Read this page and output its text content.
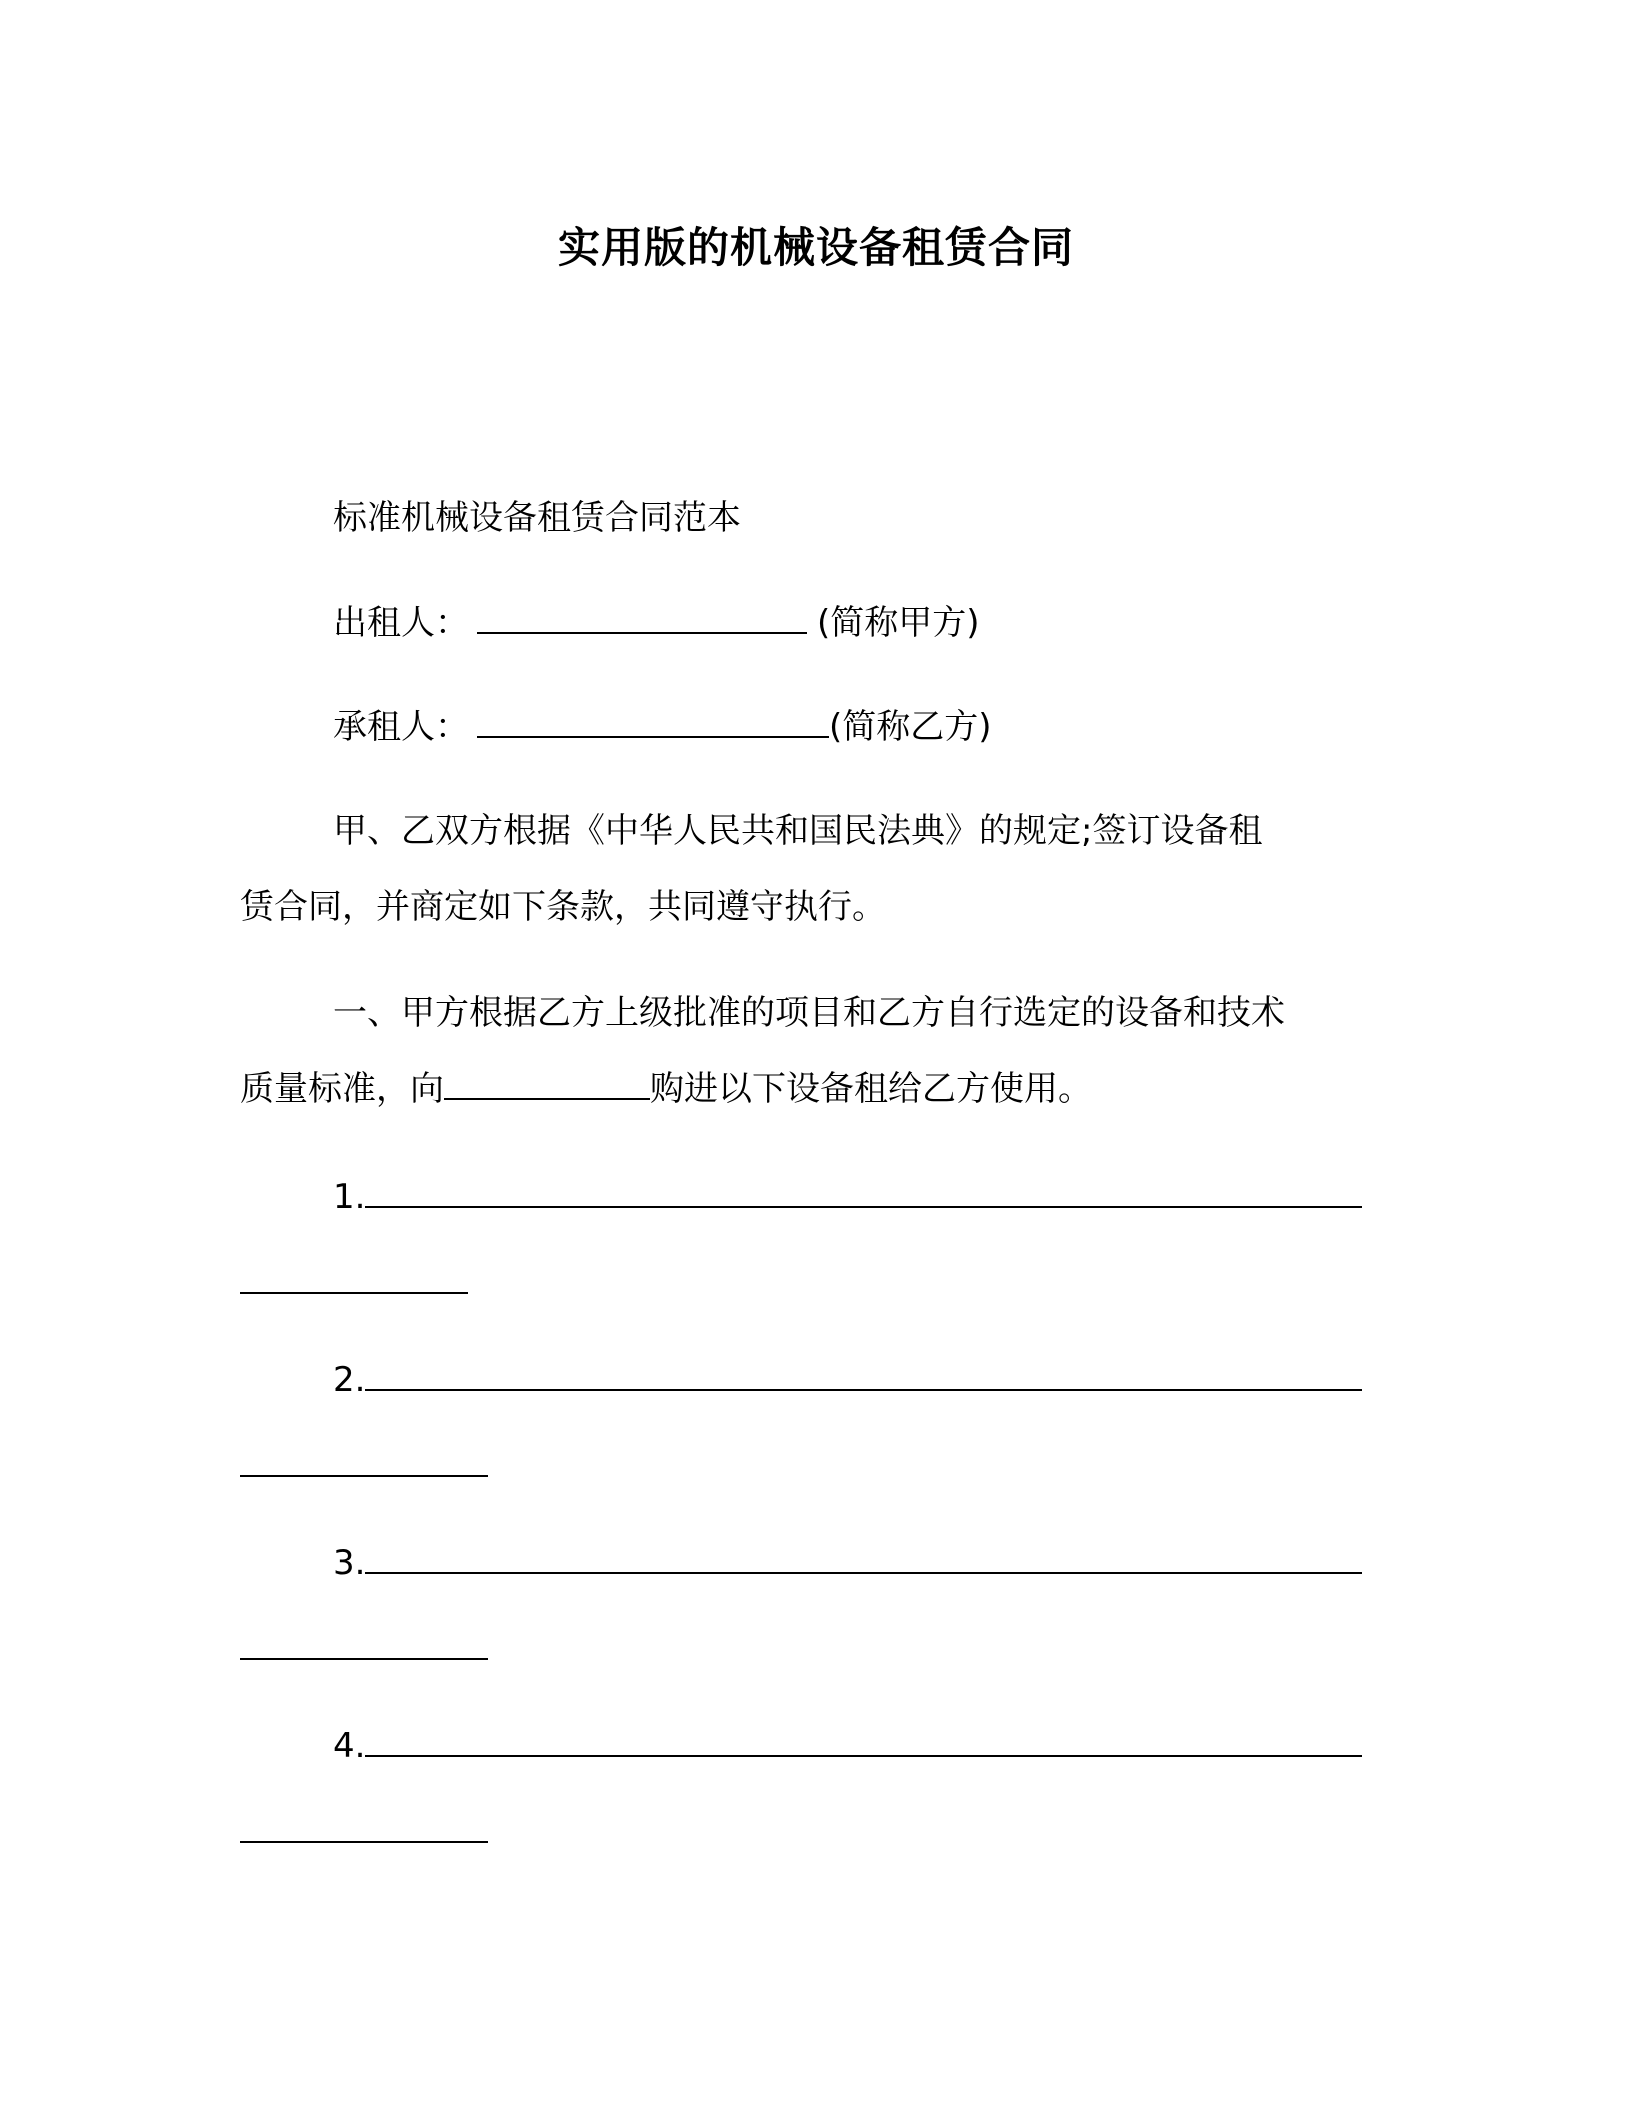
实用版的机械设备租赁合同
标准机械设备租赁合同范本
出租人：	(简称甲方)
承租人：	(简称乙方)
甲、乙双方根据《中华人民共和国民法典》的规定;签订设备租
赁合同，并商定如下条款，共同遵守执行。
一、甲方根据乙方上级批准的项目和乙方自行选定的设备和技术
质量标准，向	购进以下设备租给乙方使用。
1.
2.
3.
4.
